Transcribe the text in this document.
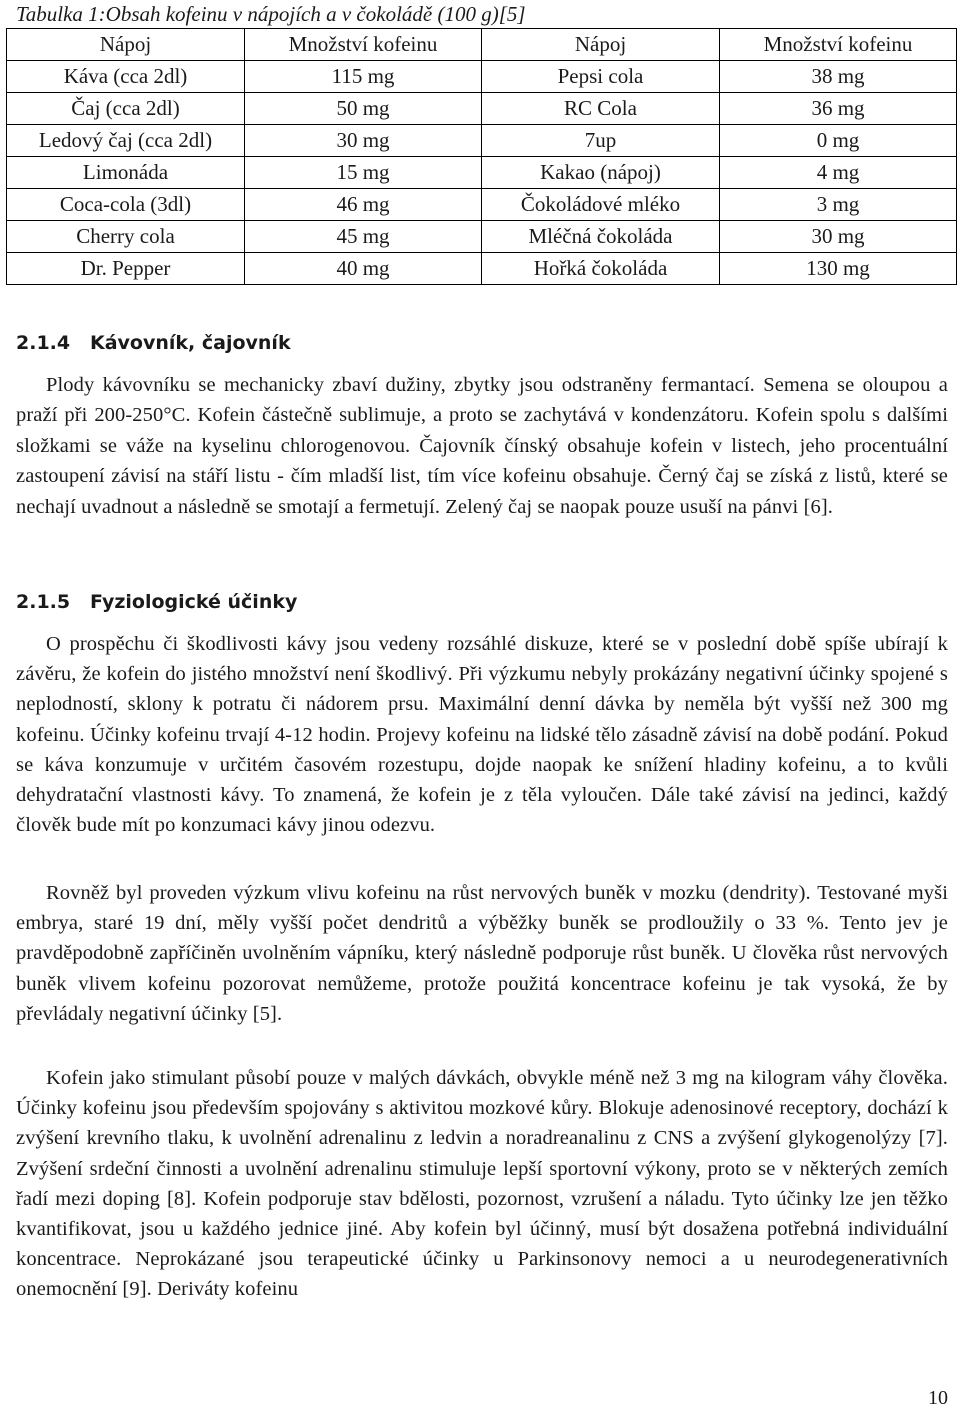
Tabulka 1:Obsah kofeinu v nápojích a v čokoládě (100 g)[5]
Nápoj	Množství kofeinu	Nápoj	Množství kofeinu
Káva (cca 2dl)	115 mg	Pepsi cola	38 mg
Čaj (cca 2dl)	50 mg	RC Cola	36 mg
Ledový čaj (cca 2dl)	30 mg	7up	0 mg
Limonáda	15 mg	Kakao (nápoj)	4 mg
Coca-cola (3dl)	46 mg	Čokoládové mléko	3 mg
Cherry cola	45 mg	Mléčná čokoláda	30 mg
Dr. Pepper	40 mg	Hořká čokoláda	130 mg
2.1.4 Kávovník, čajovník

Plody kávovníku se mechanicky zbaví dužiny, zbytky jsou odstraněny fermantací. Semena se oloupou a praží při 200-250°C. Kofein částečně sublimuje, a proto se zachytává v kondenzátoru. Kofein spolu s dalšími složkami se váže na kyselinu chlorogenovou. Čajovník čínský obsahuje kofein v listech, jeho procentuální zastoupení závisí na stáří listu - čím mladší list, tím více kofeinu obsahuje. Černý čaj se získá z listů, které se nechají uvadnout a následně se smotají a fermetují. Zelený čaj se naopak pouze usuší na pánvi [6].

2.1.5 Fyziologické účinky

O prospěchu či škodlivosti kávy jsou vedeny rozsáhlé diskuze, které se v poslední době spíše ubírají k závěru, že kofein do jistého množství není škodlivý. Při výzkumu nebyly prokázány negativní účinky spojené s neplodností, sklony k potratu či nádorem prsu. Maximální denní dávka by neměla být vyšší než 300 mg kofeinu. Účinky kofeinu trvají 4-12 hodin. Projevy kofeinu na lidské tělo zásadně závisí na době podání. Pokud se káva konzumuje v určitém časovém rozestupu, dojde naopak ke snížení hladiny kofeinu, a to kvůli dehydratační vlastnosti kávy. To znamená, že kofein je z těla vyloučen. Dále také závisí na jedinci, každý člověk bude mít po konzumaci kávy jinou odezvu.

Rovněž byl proveden výzkum vlivu kofeinu na růst nervových buněk v mozku (dendrity). Testované myši embrya, staré 19 dní, měly vyšší počet dendritů a výběžky buněk se prodloužily o 33 %. Tento jev je pravděpodobně zapříčiněn uvolněním vápníku, který následně podporuje růst buněk. U člověka růst nervových buněk vlivem kofeinu pozorovat nemůžeme, protože použitá koncentrace kofeinu je tak vysoká, že by převládaly negativní účinky [5].

Kofein jako stimulant působí pouze v malých dávkách, obvykle méně než 3 mg na kilogram váhy člověka. Účinky kofeinu jsou především spojovány s aktivitou mozkové kůry. Blokuje adenosinové receptory, dochází k zvýšení krevního tlaku, k uvolnění adrenalinu z ledvin a noradreanalinu z CNS a zvýšení glykogenolýzy [7]. Zvýšení srdeční činnosti a uvolnění adrenalinu stimuluje lepší sportovní výkony, proto se v některých zemích řadí mezi doping [8]. Kofein podporuje stav bdělosti, pozornost, vzrušení a náladu. Tyto účinky lze jen těžko kvantifikovat, jsou u každého jednice jiné. Aby kofein byl účinný, musí být dosažena potřebná individuální koncentrace. Neprokázané jsou terapeutické účinky u Parkinsonovy nemoci a u neurodegenerativních onemocnění [9]. Deriváty kofeinu

10
